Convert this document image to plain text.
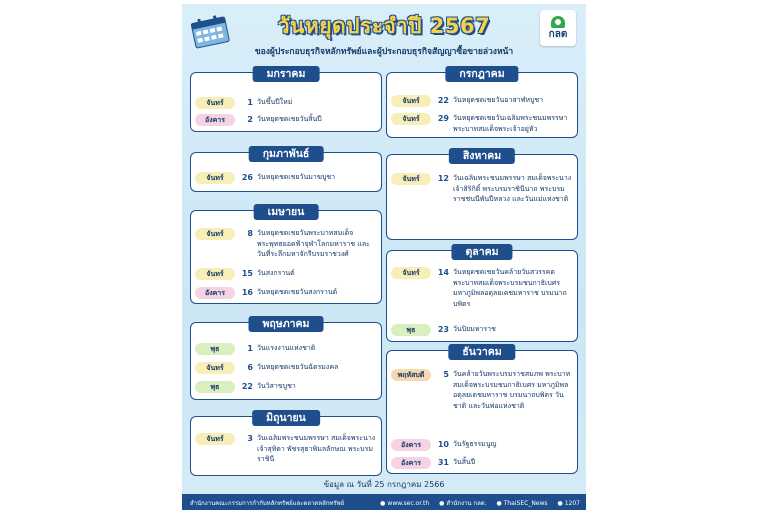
กลต
วันหยุดประจำปี 2567
ของผู้ประกอบธุรกิจหลักทรัพย์และผู้ประกอบธุรกิจสัญญาซื้อขายล่วงหน้า
มกราคม
จันทร์	1 วันขึ้นปีใหม่
อังคาร	2 วันหยุดชดเชยวันสิ้นปี
กุมภาพันธ์
จันทร์	26 วันหยุดชดเชยวันมาฆบูชา
เมษายน
จันทร์	8 วันหยุดชดเชยวันพระบาทสมเด็จพระพุทธยอดฟ้าจุฬาโลกมหาราช และวันที่ระลึกมหาจักรีบรมราชวงศ์
จันทร์	15 วันสงกรานต์
อังคาร	16 วันหยุดชดเชยวันสงกรานต์
พฤษภาคม
พุธ	1 วันแรงงานแห่งชาติ
จันทร์	6 วันหยุดชดเชยวันฉัตรมงคล
พุธ	22 วันวิสาขบูชา
มิถุนายน
จันทร์	3 วันเฉลิมพระชนมพรรษา สมเด็จพระนางเจ้าสุทิดา พัชรสุธาพิมลลักษณ พระบรมราชินี
กรกฎาคม
จันทร์	22 วันหยุดชดเชยวันอาสาฬหบูชา
จันทร์	29 วันหยุดชดเชยวันเฉลิมพระชนมพรรษา พระบาทสมเด็จพระเจ้าอยู่หัว
สิงหาคม
จันทร์	12 วันเฉลิมพระชนมพรรษา สมเด็จพระนางเจ้าสิริกิติ์ พระบรมราชินีนาถ พระบรมราชชนนีพันปีหลวง และวันแม่แห่งชาติ
ตุลาคม
จันทร์	14 วันหยุดชดเชยวันคล้ายวันสวรรคต พระบาทสมเด็จพระบรมชนกาธิเบศร มหาภูมิพลอดุลยเดชมหาราช บรมนาถบพิตร
พุธ	23 วันปิยมหาราช
ธันวาคม
พฤหัสบดี	5 วันคล้ายวันพระบรมราชสมภพ พระบาทสมเด็จพระบรมชนกาธิเบศร มหาภูมิพลอดุลยเดชมหาราช บรมนาถบพิตร วันชาติ และวันพ่อแห่งชาติ
อังคาร	10 วันรัฐธรรมนูญ
อังคาร	31 วันสิ้นปี
ข้อมูล ณ วันที่ 25 กรกฎาคม 2566
สำนักงานคณะกรรมการกำกับหลักทรัพย์และตลาดหลักทรัพย์	● www.sec.or.th ● สำนักงาน กลต. ● ThaiSEC_News ● 1207
